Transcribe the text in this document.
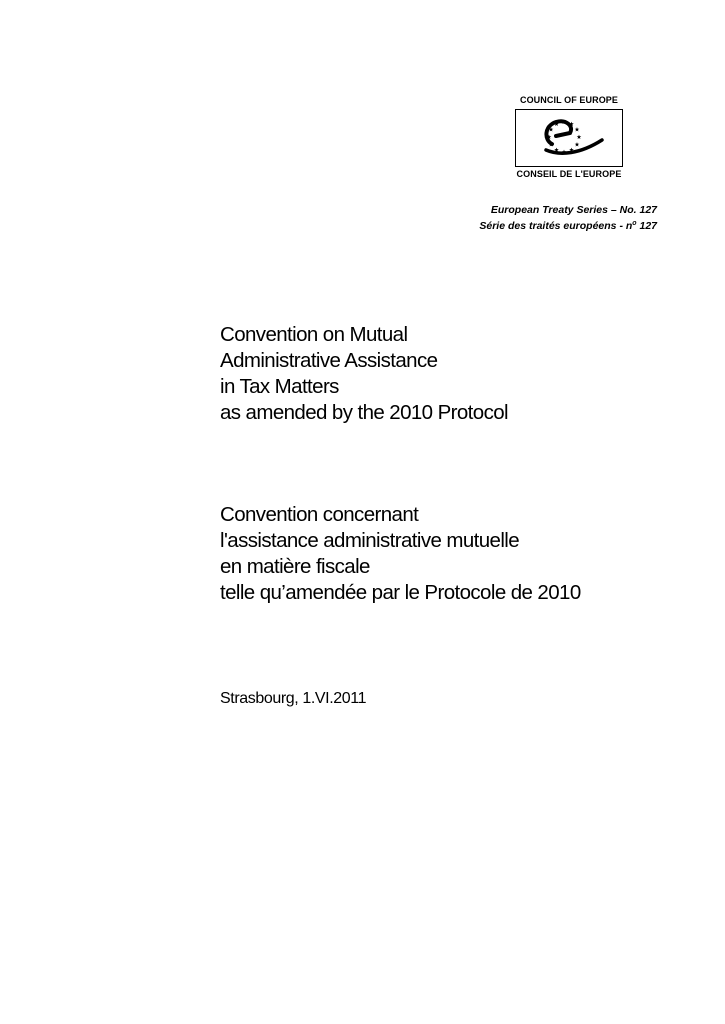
COUNCIL OF EUROPE
CONSEIL DE L'EUROPE
European Treaty Series – No. 127
Série des traités européens - $n^o$ 127
Convention on Mutual
Administrative Assistance
in Tax Matters
as amended by the 2010 Protocol
Convention concernant
l'assistance administrative mutuelle
en matière fiscale
telle qu’amendée par le Protocole de 2010
Strasbourg, 1.VI.2011
